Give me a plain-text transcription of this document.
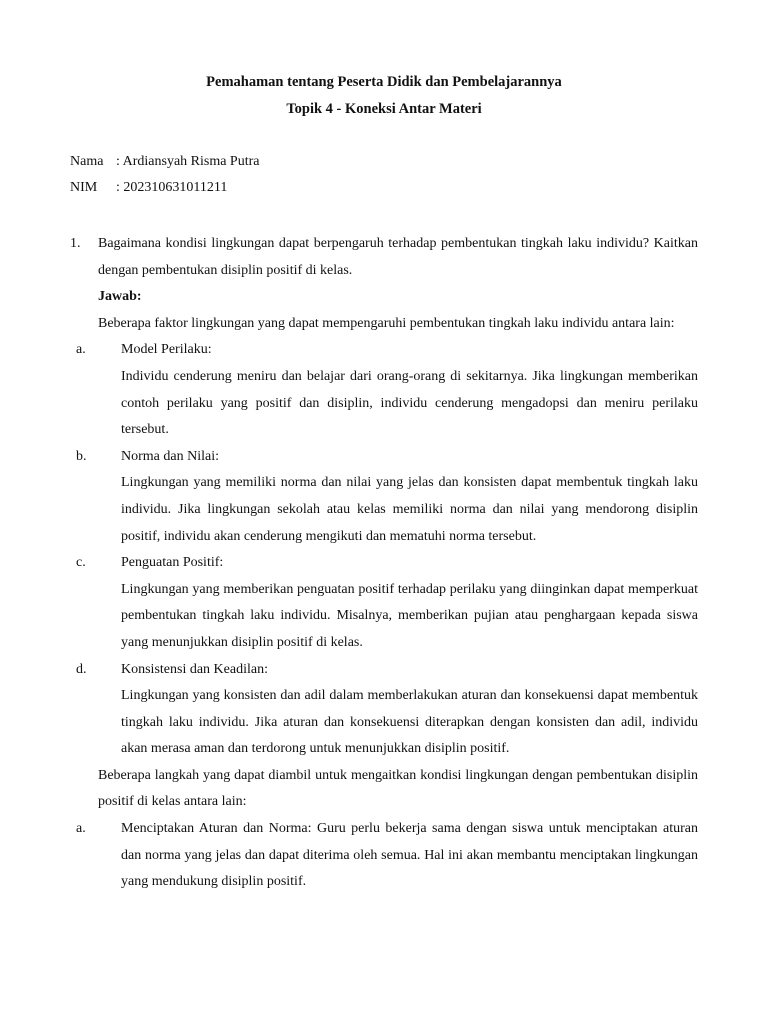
Pemahaman tentang Peserta Didik dan Pembelajarannya
Topik 4 - Koneksi Antar Materi
Nama : Ardiansyah Risma Putra
NIM	: 202310631011211
1. Bagaimana kondisi lingkungan dapat berpengaruh terhadap pembentukan tingkah laku individu? Kaitkan dengan pembentukan disiplin positif di kelas.

Jawab:

Beberapa faktor lingkungan yang dapat mempengaruhi pembentukan tingkah laku individu antara lain:

a.	Model Perilaku:
Individu cenderung meniru dan belajar dari orang-orang di sekitarnya. Jika lingkungan memberikan contoh perilaku yang positif dan disiplin, individu cenderung mengadopsi dan meniru perilaku tersebut.
b. Norma dan Nilai:
Lingkungan yang memiliki norma dan nilai yang jelas dan konsisten dapat membentuk tingkah laku individu. Jika lingkungan sekolah atau kelas memiliki norma dan nilai yang mendorong disiplin positif, individu akan cenderung mengikuti dan mematuhi norma tersebut.
c.	Penguatan Positif:
Lingkungan yang memberikan penguatan positif terhadap perilaku yang diinginkan dapat memperkuat pembentukan tingkah laku individu. Misalnya, memberikan pujian atau penghargaan kepada siswa yang menunjukkan disiplin positif di kelas.
d. Konsistensi dan Keadilan:
Lingkungan yang konsisten dan adil dalam memberlakukan aturan dan konsekuensi dapat membentuk tingkah laku individu. Jika aturan dan konsekuensi diterapkan dengan konsisten dan adil, individu akan merasa aman dan terdorong untuk menunjukkan disiplin positif.

Beberapa langkah yang dapat diambil untuk mengaitkan kondisi lingkungan dengan pembentukan disiplin positif di kelas antara lain:

a.	Menciptakan Aturan dan Norma: Guru perlu bekerja sama dengan siswa untuk menciptakan aturan dan norma yang jelas dan dapat diterima oleh semua. Hal ini akan membantu menciptakan lingkungan yang mendukung disiplin positif.
